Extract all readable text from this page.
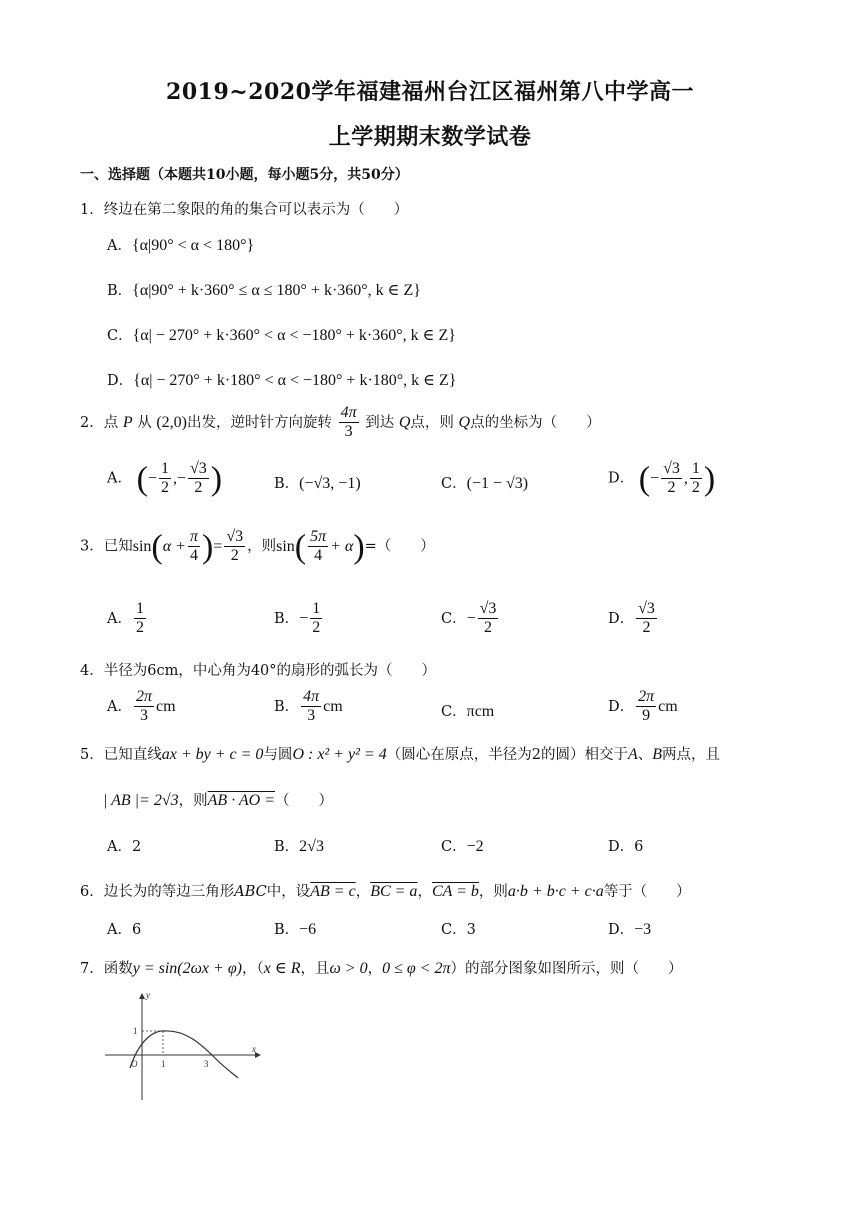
2019~2020学年福建福州台江区福州第八中学高一
上学期期末数学试卷
一、选择题（本题共10小题，每小题5分，共50分）
1．终边在第二象限的角的集合可以表示为（　　）
A．{α|90° < α < 180°}
B．{α|90° + k·360° ≤ α ≤ 180° + k·360°, k ∈ Z}
C．{α| − 270° + k·360° < α < −180° + k·360°, k ∈ Z}
D．{α| − 270° + k·180° < α < −180° + k·180°, k ∈ Z}
2．点 P 从 (2,0)出发，逆时针方向旋转 $\frac{4\pi}{3}$ 到达 Q点，则 Q点的坐标为（　　）
A． (− $\frac{1}{2}$ ,− $\frac{√3}{2}$ )	B．(−√3, −1)	C．(−1 − √3)	D． (− $\frac{√3}{2}$ , $\frac{1}{2}$ )
3．已知$\sin(\alpha + \frac{\pi}{4}$ )= $\frac{√3}{2}$ ，则$\sin( \frac{5\pi}{4} + \alpha)=$（　　）
A． $\frac{1}{2}$	B．− $\frac{1}{2}$	C．− $\frac{√3}{2}$	D． $\frac{√3}{2}$
4．半径为6cm，中心角为40°的扇形的弧长为（　　）
A． $\frac{2\pi}{3}$ cm	B． $\frac{4\pi}{3}$ cm	C．πcm	D． $\frac{2\pi}{9}$ cm
5．已知直线ax + by + c = 0与圆O : x² + y² = 4（圆心在原点，半径为2的圆）相交于A、B两点，且
| AB |= 2√3，则AB · AO =（　　）
A．2	B．2√3	C．−2	D．6
6．边长为的等边三角形ABC中，设AB = c，BC = a，CA = b，则a·b + b·c + c·a等于（　　）
A．6	B．−6	C．3	D．−3
7．函数y = sin(2ωx + φ)，（x ∈ R，且ω > 0，0 ≤ φ < 2π）的部分图象如图所示，则（　　）
y
x
O	1	3
1
